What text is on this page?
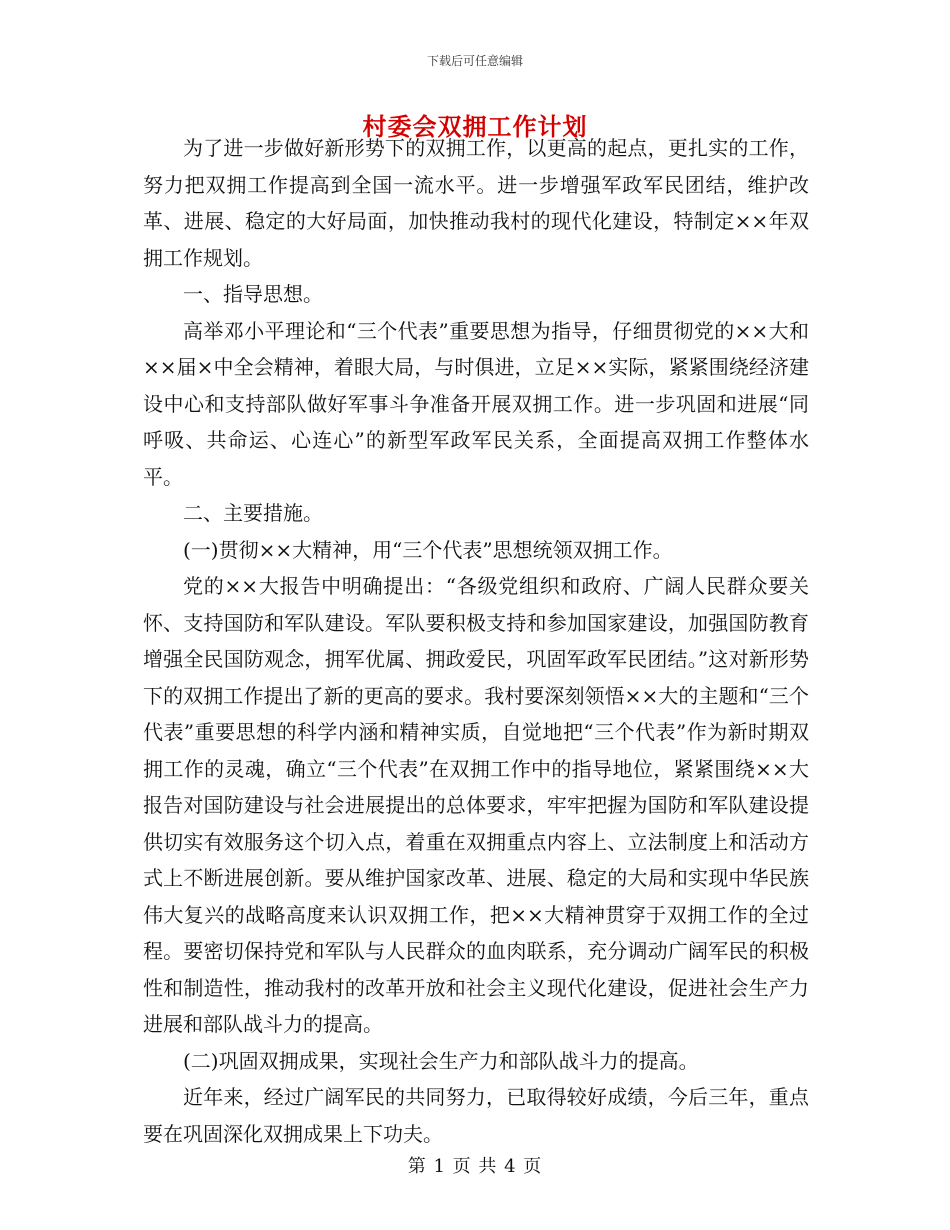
下载后可任意编辑
村委会双拥工作计划

为了进一步做好新形势下的双拥工作，以更高的起点，更扎实的工作，努力把双拥工作提高到全国一流水平。进一步增强军政军民团结，维护改革、进展、稳定的大好局面，加快推动我村的现代化建设，特制定××年双拥工作规划。

一、指导思想。

高举邓小平理论和“三个代表”重要思想为指导，仔细贯彻党的××大和××届×中全会精神，着眼大局，与时俱进，立足××实际，紧紧围绕经济建设中心和支持部队做好军事斗争准备开展双拥工作。进一步巩固和进展“同呼吸、共命运、心连心”的新型军政军民关系，全面提高双拥工作整体水平。

二、主要措施。

(一)贯彻××大精神，用“三个代表”思想统领双拥工作。

党的××大报告中明确提出：“各级党组织和政府、广阔人民群众要关怀、支持国防和军队建设。军队要积极支持和参加国家建设，加强国防教育增强全民国防观念，拥军优属、拥政爱民，巩固军政军民团结。”这对新形势下的双拥工作提出了新的更高的要求。我村要深刻领悟××大的主题和“三个代表”重要思想的科学内涵和精神实质，自觉地把“三个代表”作为新时期双拥工作的灵魂，确立“三个代表”在双拥工作中的指导地位，紧紧围绕××大报告对国防建设与社会进展提出的总体要求，牢牢把握为国防和军队建设提供切实有效服务这个切入点，着重在双拥重点内容上、立法制度上和活动方式上不断进展创新。要从维护国家改革、进展、稳定的大局和实现中华民族伟大复兴的战略高度来认识双拥工作，把××大精神贯穿于双拥工作的全过程。要密切保持党和军队与人民群众的血肉联系，充分调动广阔军民的积极性和制造性，推动我村的改革开放和社会主义现代化建设，促进社会生产力进展和部队战斗力的提高。

(二)巩固双拥成果，实现社会生产力和部队战斗力的提高。

近年来，经过广阔军民的共同努力，已取得较好成绩，今后三年，重点要在巩固深化双拥成果上下功夫。

第 1 页 共 4 页
